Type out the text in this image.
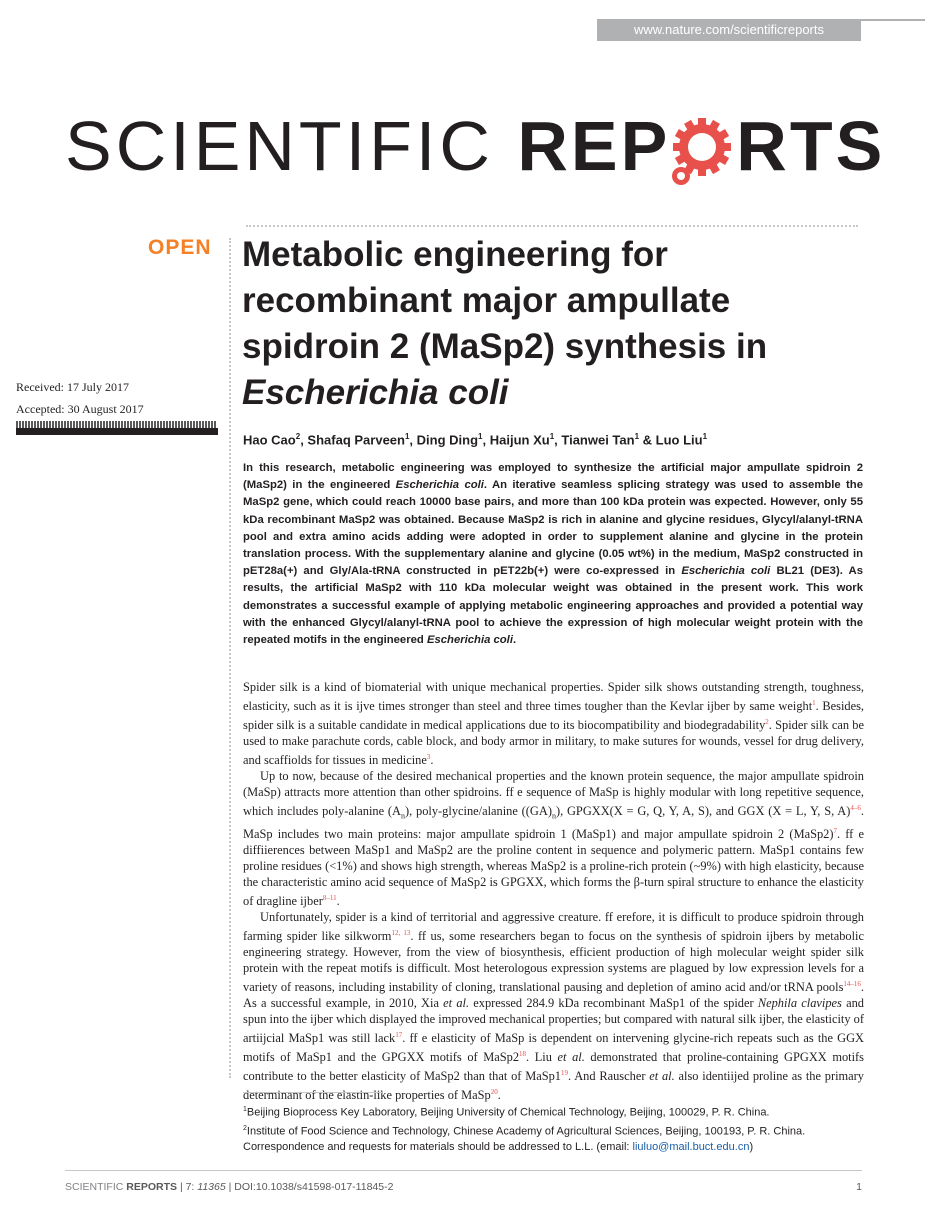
www.nature.com/scientificreports
SCIENTIFIC REP RTS
OPEN Metabolic engineering for
recombinant major ampullate
spidroin 2 (MaSp2) synthesis in
Escherichia coli
Received: 17 July 2017
Accepted: 30 August 2017
Hao Cao$^2$, Shafaq Parveen$^1$, Ding Ding$^1$, Haijun Xu$^1$, Tianwei Tan$^1$ & Luo Liu$^1$
In this research, metabolic engineering was employed to synthesize the artificial major ampullate spidroin 2 (MaSp2) in the engineered Escherichia coli. An iterative seamless splicing strategy was used to assemble the MaSp2 gene, which could reach 10000 base pairs, and more than 100 kDa protein was expected. However, only 55 kDa recombinant MaSp2 was obtained. Because MaSp2 is rich in alanine and glycine residues, Glycyl/alanyl-tRNA pool and extra amino acids adding were adopted in order to supplement alanine and glycine in the protein translation process. With the supplementary alanine and glycine (0.05 wt%) in the medium, MaSp2 constructed in pET28a(+) and Gly/Ala-tRNA constructed in pET22b(+) were co-expressed in Escherichia coli BL21 (DE3). As results, the artificial MaSp2 with 110 kDa molecular weight was obtained in the present work. This work demonstrates a successful example of applying metabolic engineering approaches and provided a potential way with the enhanced Glycyl/alanyl-tRNA pool to achieve the expression of high molecular weight protein with the repeated motifs in the engineered Escherichia coli.

Spider silk is a kind of biomaterial with unique mechanical properties. Spider silk shows outstanding strength, toughness, elasticity, such as it is ijve times stronger than steel and three times tougher than the Kevlar ijber by same weight$^1$. Besides, spider silk is a suitable candidate in medical applications due to its biocompatibility and biodegradability$^2$. Spider silk can be used to make parachute cords, cable block, and body armor in military, to make sutures for wounds, vessel for drug delivery, and scaffiolds for tissues in medicine$^3$.

Up to now, because of the desired mechanical properties and the known protein sequence, the major ampullate spidroin (MaSp) attracts more attention than other spidroins. ff e sequence of MaSp is highly modular with long repetitive sequence, which includes poly-alanine $(A_n)$, poly-glycine/alanine $((GA)_n)$, GPGXX(X = G, Q, Y, A, S), and GGX (X = L, Y, S, A)$^{4-6}$. MaSp includes two main proteins: major ampullate spidroin 1 (MaSp1) and major ampullate spidroin 2 (MaSp2)$^7$. ff e diffiierences between MaSp1 and MaSp2 are the proline content in sequence and polymeric pattern. MaSp1 contains few proline residues (<1%) and shows high strength, whereas MaSp2 is a proline-rich protein (~9%) with high elasticity, because the characteristic amino acid sequence of MaSp2 is GPGXX, which forms the β-turn spiral structure to enhance the elasticity of dragline ijber$^{8-11}$.

Unfortunately, spider is a kind of territorial and aggressive creature. ff erefore, it is difficult to produce spidroin through farming spider like silkworm$^{12, 13}$. ff us, some researchers began to focus on the synthesis of spidroin ijbers by metabolic engineering strategy. However, from the view of biosynthesis, efficient production of high molecular weight spider silk protein with the repeat motifs is difficult. Most heterologous expression systems are plagued by low expression levels for a variety of reasons, including instability of cloning, translational pausing and depletion of amino acid and/or tRNA pools$^{14-16}$. As a successful example, in 2010, Xia et al. expressed 284.9 kDa recombinant MaSp1 of the spider Nephila clavipes and spun into the ijber which displayed the improved mechanical properties; but compared with natural silk ijber, the elasticity of artiijcial MaSp1 was still lack$^{17}$. ff e elasticity of MaSp is dependent on intervening glycine-rich repeats such as the GGX motifs of MaSp1 and the GPGXX motifs of $MaSp2^{18}$. Liu et al. demonstrated that proline-containing GPGXX motifs contribute to the better elasticity of MaSp2 than that of $MaSp1^{19}$. And Rauscher et al. also identiijed proline as the primary determinant of the elastin-like properties of MaSp$^{20}$.

$^1$Beijing Bioprocess Key Laboratory, Beijing University of Chemical Technology, Beijing, 100029, P. R. China.
$^2$Institute of Food Science and Technology, Chinese Academy of Agricultural Sciences, Beijing, 100193, P. R. China.
Correspondence and requests for materials should be addressed to L.L. (email: liuluo@mail.buct.edu.cn)
SCIENTIFIC REPORTS | 7: 11365 | DOI:10.1038/s41598-017-11845-2	1
